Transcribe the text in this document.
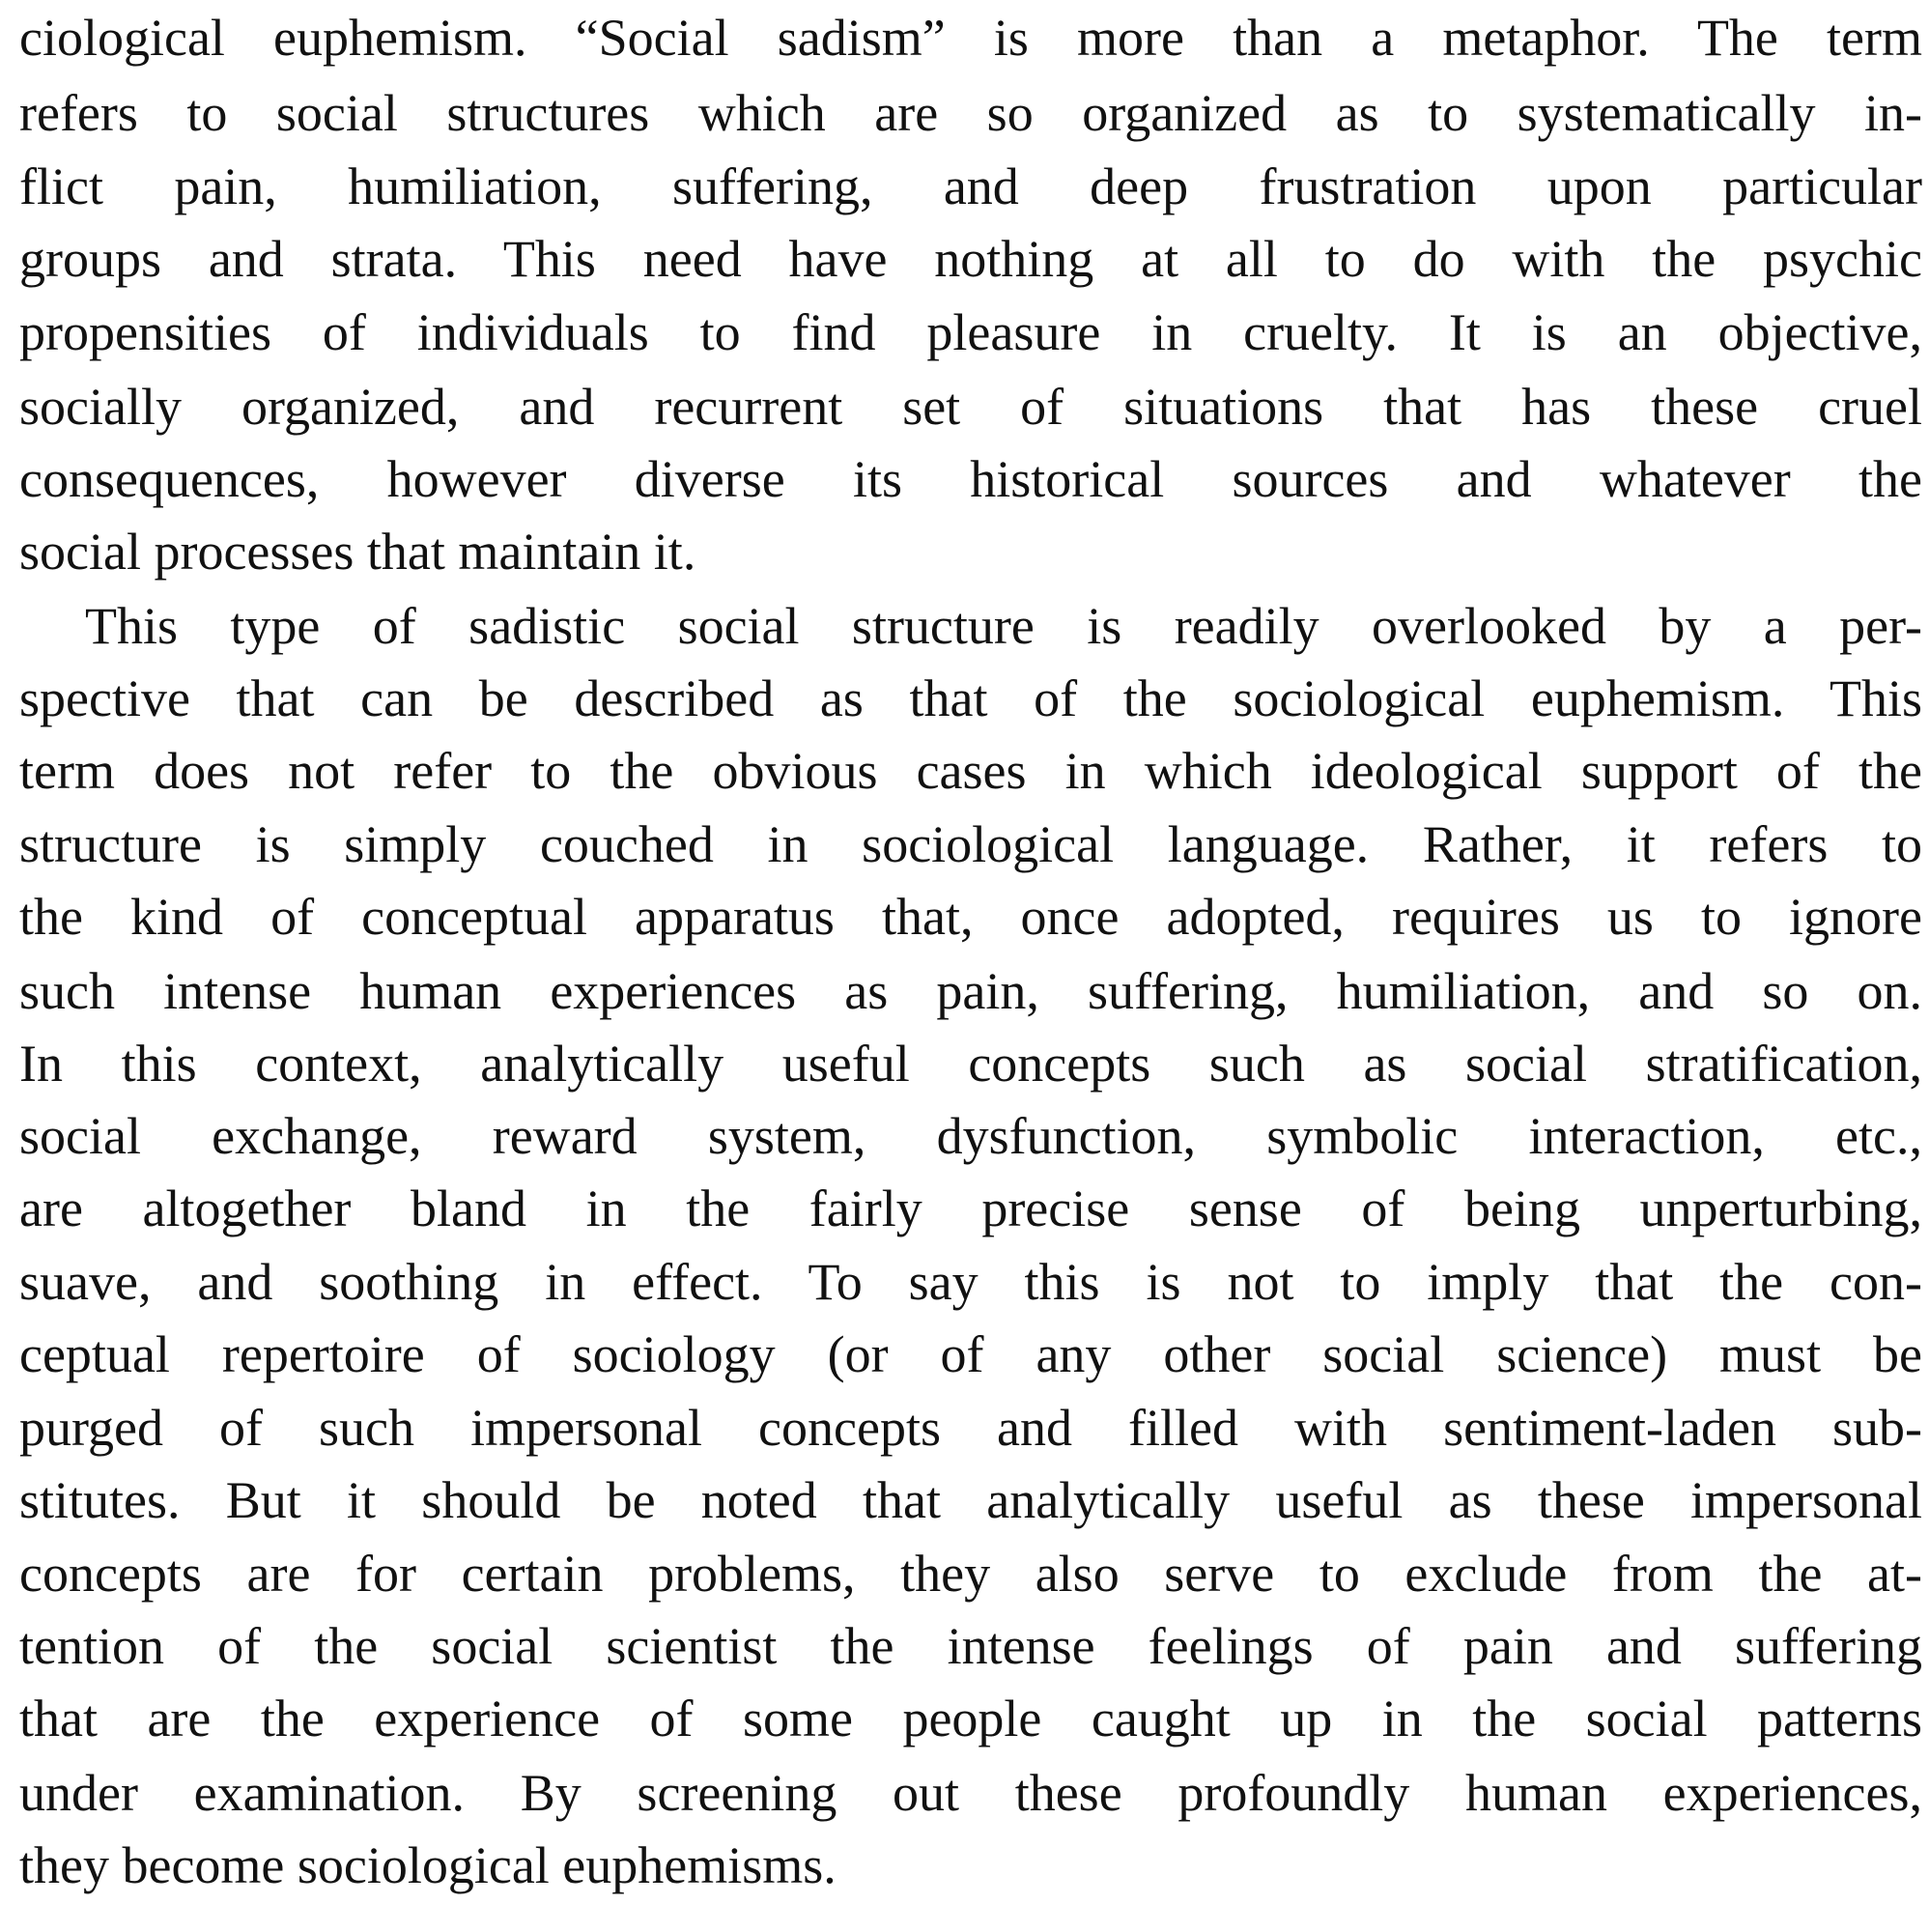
ciological euphemism. “Social sadism” is more than a metaphor. The term
refers to social structures which are so organized as to systematically in-
flict pain, humiliation, suffering, and deep frustration upon particular
groups and strata. This need have nothing at all to do with the psychic
propensities of individuals to find pleasure in cruelty. It is an objective,
socially organized, and recurrent set of situations that has these cruel
consequences, however diverse its historical sources and whatever the
social processes that maintain it.
This type of sadistic social structure is readily overlooked by a per-
spective that can be described as that of the sociological euphemism. This
term does not refer to the obvious cases in which ideological support of the
structure is simply couched in sociological language. Rather, it refers to
the kind of conceptual apparatus that, once adopted, requires us to ignore
such intense human experiences as pain, suffering, humiliation, and so on.
In this context, analytically useful concepts such as social stratification,
social exchange, reward system, dysfunction, symbolic interaction, etc.,
are altogether bland in the fairly precise sense of being unperturbing,
suave, and soothing in effect. To say this is not to imply that the con-
ceptual repertoire of sociology (or of any other social science) must be
purged of such impersonal concepts and filled with sentiment-laden sub-
stitutes. But it should be noted that analytically useful as these impersonal
concepts are for certain problems, they also serve to exclude from the at-
tention of the social scientist the intense feelings of pain and suffering
that are the experience of some people caught up in the social patterns
under examination. By screening out these profoundly human experiences,
they become sociological euphemisms.
